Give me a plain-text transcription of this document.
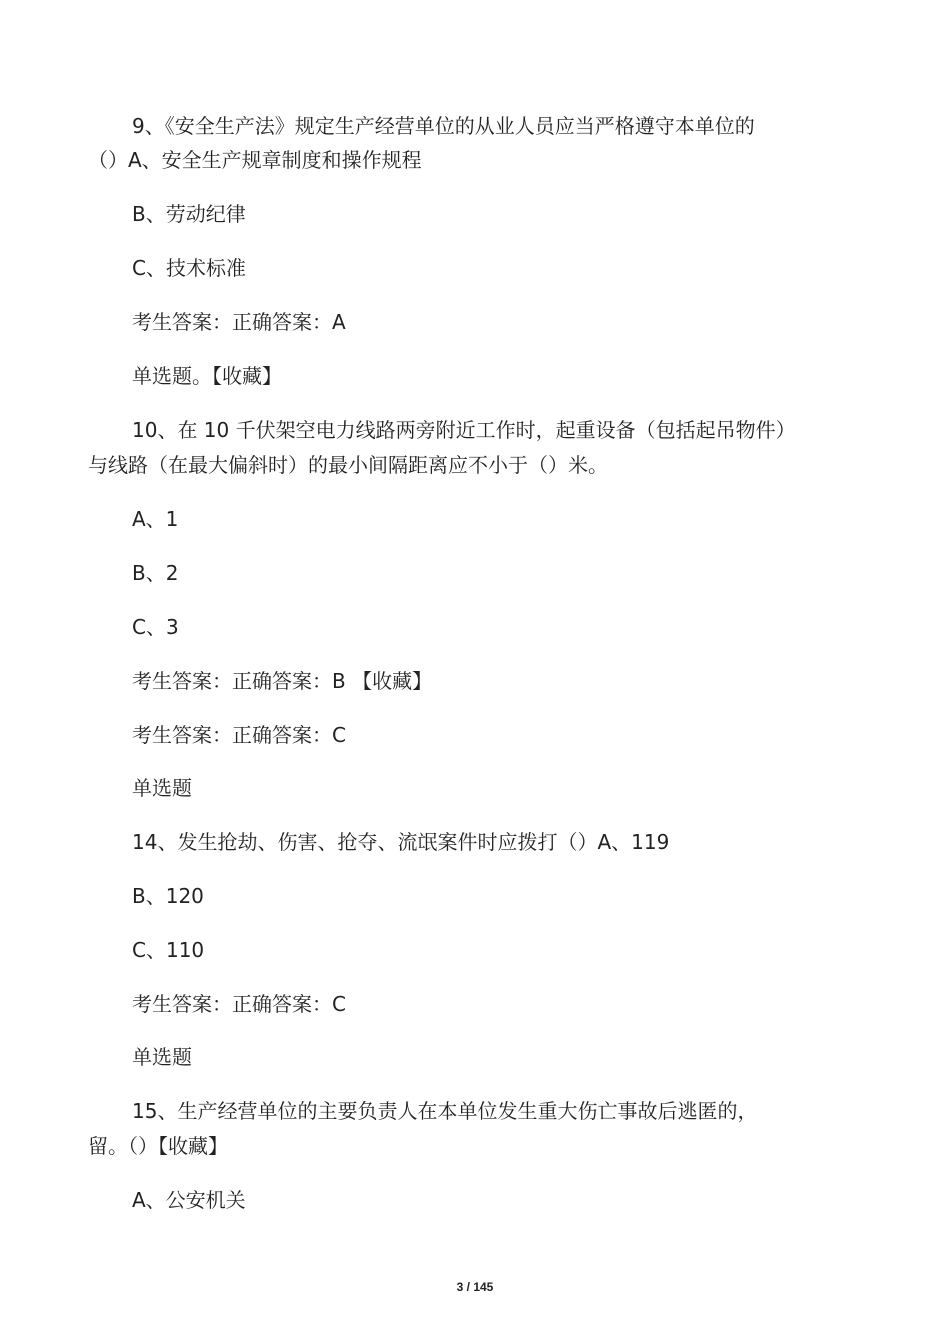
9、《安全生产法》规定生产经营单位的从业人员应当严格遵守本单位的
（）A、安全生产规章制度和操作规程
B、劳动纪律
C、技术标准
考生答案：正确答案：A
单选题。【收藏】
10、在 10 千伏架空电力线路两旁附近工作时，起重设备（包括起吊物件）
与线路（在最大偏斜时）的最小间隔距离应不小于（）米。
A、1
B、2
C、3
考生答案：正确答案：B 【收藏】
考生答案：正确答案：C
单选题
14、发生抢劫、伤害、抢夺、流氓案件时应拨打（）A、119
B、120
C、110
考生答案：正确答案：C
单选题
15、生产经营单位的主要负责人在本单位发生重大伤亡事故后逃匿的，
留。（）【收藏】
A、公安机关
3 / 145
